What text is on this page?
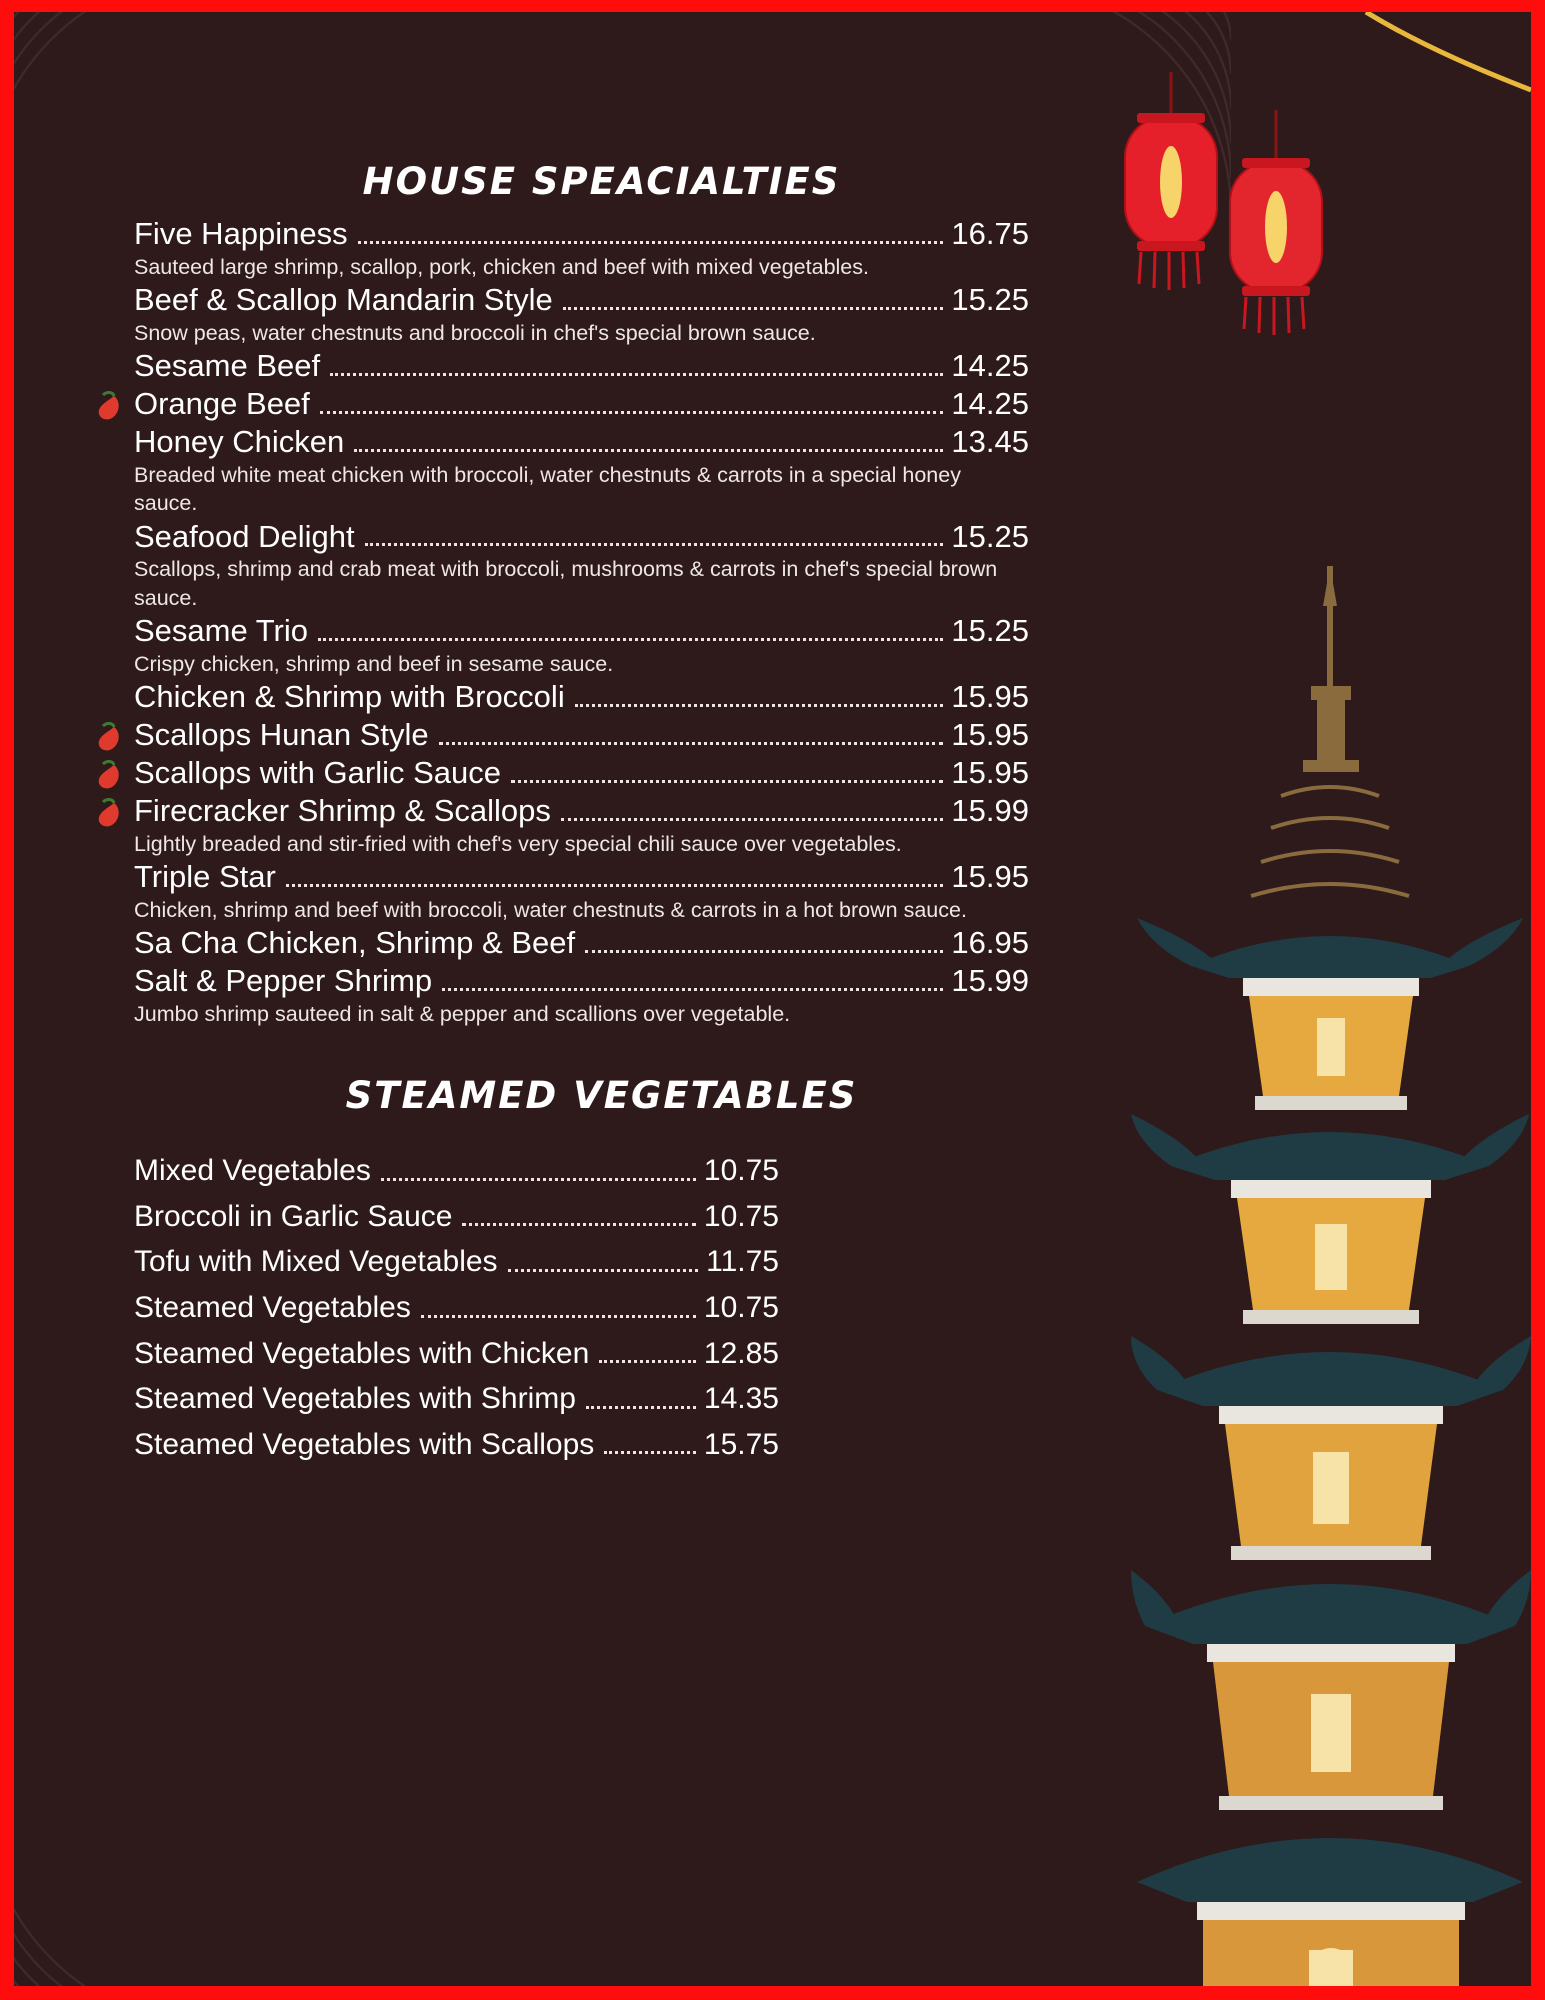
HOUSE SPEACIALTIES
Five Happiness	16.75
Sauteed large shrimp, scallop, pork, chicken and beef with mixed vegetables.
Beef & Scallop Mandarin Style	15.25
Snow peas, water chestnuts and broccoli in chef's special brown sauce.
Sesame Beef	14.25
Orange Beef	14.25
Honey Chicken	13.45
Breaded white meat chicken with broccoli, water chestnuts & carrots in a special honey sauce.
Seafood Delight	15.25
Scallops, shrimp and crab meat with broccoli, mushrooms & carrots in chef's special brown sauce.
Sesame Trio	15.25
Crispy chicken, shrimp and beef in sesame sauce.
Chicken & Shrimp with Broccoli	15.95
Scallops Hunan Style	15.95
Scallops with Garlic Sauce	15.95
Firecracker Shrimp & Scallops	15.99
Lightly breaded and stir-fried with chef's very special chili sauce over vegetables.
Triple Star	15.95
Chicken, shrimp and beef with broccoli, water chestnuts & carrots in a hot brown sauce.
Sa Cha Chicken, Shrimp & Beef	16.95
Salt & Pepper Shrimp	15.99
Jumbo shrimp sauteed in salt & pepper and scallions over vegetable.
STEAMED VEGETABLES
Mixed Vegetables	10.75
Broccoli in Garlic Sauce	10.75
Tofu with Mixed Vegetables	11.75
Steamed Vegetables	10.75
Steamed Vegetables with Chicken	12.85
Steamed Vegetables with Shrimp	14.35
Steamed Vegetables with Scallops	15.75
